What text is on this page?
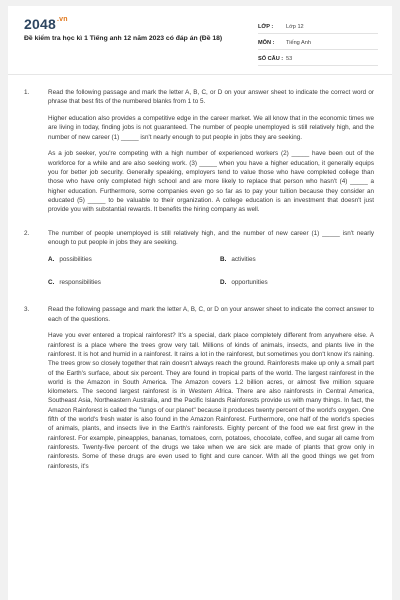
$2048^{.vn}$
Đề kiểm tra học kì 1 Tiếng anh 12 năm 2023 có đáp án (Đề 18)
LỚP :	Lớp 12
MÔN :	Tiếng Anh
SỐ CÂU : 53
1.	Read the following passage and mark the letter A, B, C, or D on your answer sheet to indicate the correct word or phrase that best fits of the numbered blanks from 1 to 5.

Higher education also provides a competitive edge in the career market. We all know that in the economic times we are living in today, finding jobs is not guaranteed. The number of people unemployed is still relatively high, and the number of new career (1) _____ isn't nearly enough to put people in jobs they are seeking.

As a job seeker, you're competing with a high number of experienced workers (2) _____ have been out of the workforce for a while and are also seeking work. (3) _____ when you have a higher education, it generally equips you for better job security. Generally speaking, employers tend to value those who have completed college than those who have only completed high school and are more likely to replace that person who hasn't (4) _____ a higher education. Furthermore, some companies even go so far as to pay your tuition because they consider an educated (5) _____ to be valuable to their organization. A college education is an investment that doesn't just provide you with substantial rewards. It benefits the hiring company as well.

2.	The number of people unemployed is still relatively high, and the number of new career (1) _____ isn't nearly enough to put people in jobs they are seeking.

A. possibilities	B. activities
C. responsibilities	D. opportunities
3.	Read the following passage and mark the letter A, B, C, or D on your answer sheet to indicate the correct answer to each of the questions.

Have you ever entered a tropical rainforest? It's a special, dark place completely different from anywhere else. A rainforest is a place where the trees grow very tall. Millions of kinds of animals, insects, and plants live in the rainforest. It is hot and humid in a rainforest. It rains a lot in the rainforest, but sometimes you don't know it's raining. The trees grow so closely together that rain doesn't always reach the ground. Rainforests make up only a small part of the Earth's surface, about six percent. They are found in tropical parts of the world. The largest rainforest in the world is the Amazon in South America. The Amazon covers 1.2 billion acres, or almost five million square kilometers. The second largest rainforest is in Western Africa. There are also rainforests in Central America, Southeast Asia, Northeastern Australia, and the Pacific Islands Rainforests provide us with many things. In fact, the Amazon Rainforest is called the "lungs of our planet" because it produces twenty percent of the world's oxygen. One fifth of the world's fresh water is also found in the Amazon Rainforest. Furthermore, one half of the world's species of animals, plants, and insects live in the Earth's rainforests. Eighty percent of the food we eat first grew in the rainforest. For example, pineapples, bananas, tomatoes, corn, potatoes, chocolate, coffee, and sugar all came from rainforests. Twenty-five percent of the drugs we take when we are sick are made of plants that grow only in rainforests. Some of these drugs are even used to fight and cure cancer. With all the good things we get from rainforests, it's
